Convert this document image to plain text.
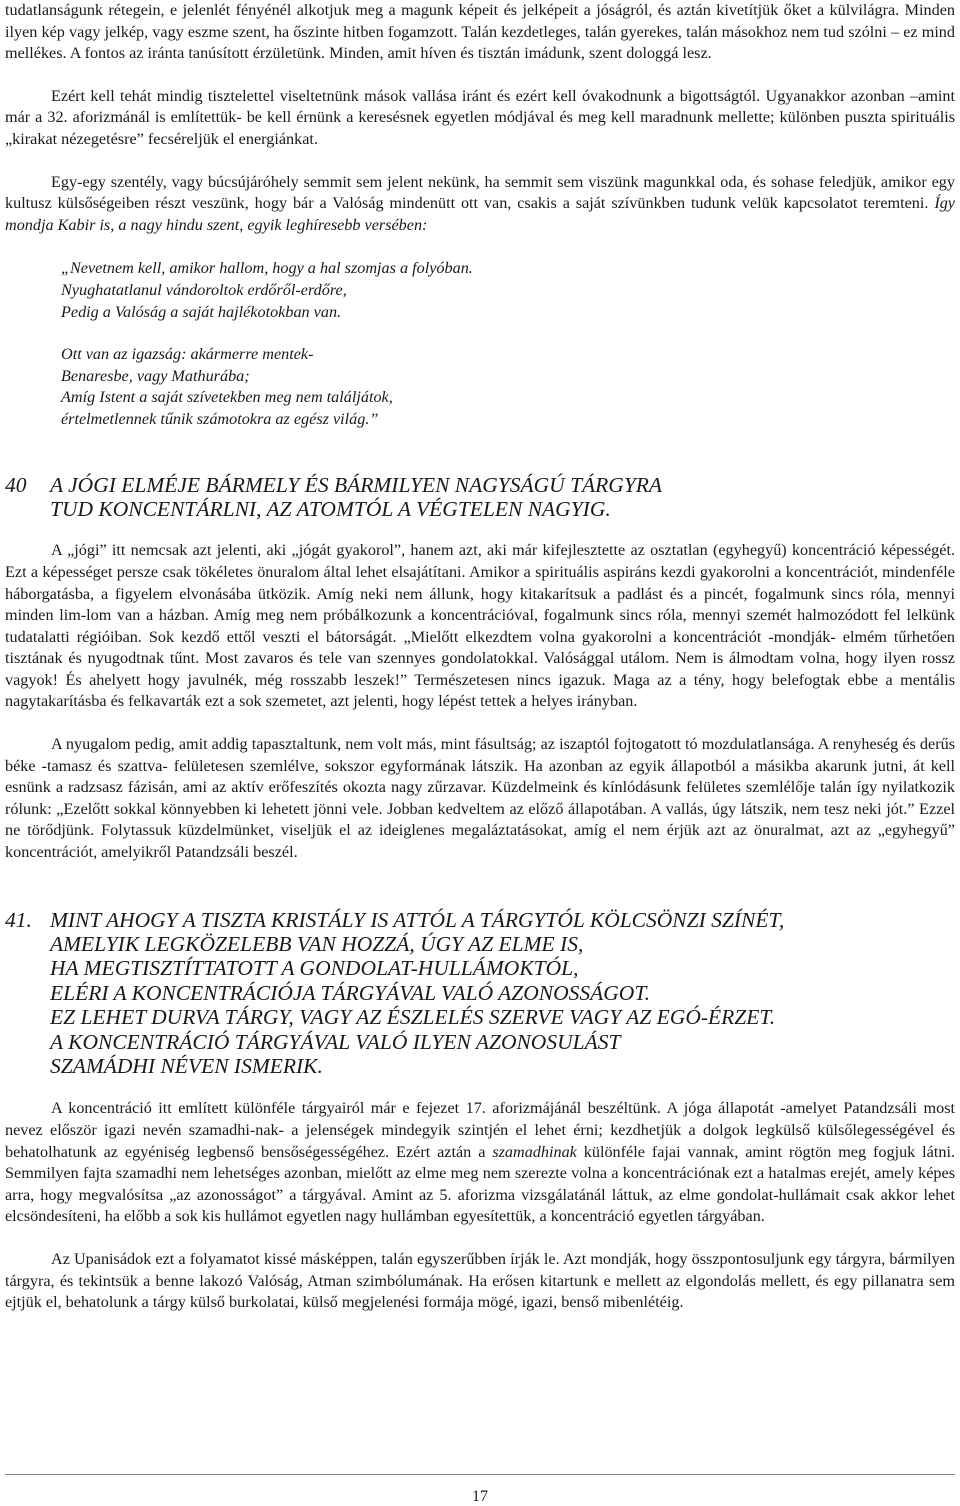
tudatlanságunk rétegein, e jelenlét fényénél alkotjuk meg a magunk képeit és jelképeit a jóságról, és aztán kivetítjük őket a külvilágra. Minden ilyen kép vagy jelkép, vagy eszme szent, ha őszinte hitben fogamzott. Talán kezdetleges, talán gyerekes, talán másokhoz nem tud szólni – ez mind mellékes. A fontos az iránta tanúsított érzületünk. Minden, amit híven és tisztán imádunk, szent dologgá lesz.

Ezért kell tehát mindig tisztelettel viseltetnünk mások vallása iránt és ezért kell óvakodnunk a bigottságtól. Ugyanakkor azonban –amint már a 32. aforizmánál is említettük- be kell érnünk a keresésnek egyetlen módjával és meg kell maradnunk mellette; különben puszta spirituális „kirakat nézegetésre” fecséreljük el energiánkat.

Egy-egy szentély, vagy búcsújáróhely semmit sem jelent nekünk, ha semmit sem viszünk magunkkal oda, és sohase feledjük, amikor egy kultusz külsőségeiben részt veszünk, hogy bár a Valóság mindenütt ott van, csakis a saját szívünkben tudunk velük kapcsolatot teremteni. Így mondja Kabir is, a nagy hindu szent, egyik leghíresebb versében:

„Nevetnem kell, amikor hallom, hogy a hal szomjas a folyóban.
Nyughatatlanul vándoroltok erdőről-erdőre,
Pedig a Valóság a saját hajlékotokban van.
Ott van az igazság: akármerre mentek-
Benaresbe, vagy Mathurába;
Amíg Istent a saját szívetekben meg nem találjátok,
értelmetlennek tűnik számotokra az egész világ.”
40	A JÓGI ELMÉJE BÁRMELY ÉS BÁRMILYEN NAGYSÁGÚ TÁRGYRA
TUD KONCENTÁRLNI, AZ ATOMTÓL A VÉGTELEN NAGYIG.

A „jógi” itt nemcsak azt jelenti, aki „jógát gyakorol”, hanem azt, aki már kifejlesztette az osztatlan (egyhegyű) koncentráció képességét. Ezt a képességet persze csak tökéletes önuralom által lehet elsajátítani. Amikor a spirituális aspiráns kezdi gyakorolni a koncentrációt, mindenféle háborgatásba, a figyelem elvonásába ütközik. Amíg neki nem állunk, hogy kitakarítsuk a padlást és a pincét, fogalmunk sincs róla, mennyi minden lim-lom van a házban. Amíg meg nem próbálkozunk a koncentrációval, fogalmunk sincs róla, mennyi szemét halmozódott fel lelkünk tudatalatti régióiban. Sok kezdő ettől veszti el bátorságát. „Mielőtt elkezdtem volna gyakorolni a koncentrációt -mondják- elmém tűrhetően tisztának és nyugodtnak tűnt. Most zavaros és tele van szennyes gondolatokkal. Valósággal utálom. Nem is álmodtam volna, hogy ilyen rossz vagyok! És ahelyett hogy javulnék, még rosszabb leszek!” Természetesen nincs igazuk. Maga az a tény, hogy belefogtak ebbe a mentális nagytakarításba és felkavarták ezt a sok szemetet, azt jelenti, hogy lépést tettek a helyes irányban.

A nyugalom pedig, amit addig tapasztaltunk, nem volt más, mint fásultság; az iszaptól fojtogatott tó mozdulatlansága. A renyheség és derűs béke -tamasz és szattva- felületesen szemlélve, sokszor egyformának látszik. Ha azonban az egyik állapotból a másikba akarunk jutni, át kell esnünk a radzsasz fázisán, ami az aktív erőfeszítés okozta nagy zűrzavar. Küzdelmeink és kínlódásunk felületes szemlélője talán így nyilatkozik rólunk: „Ezelőtt sokkal könnyebben ki lehetett jönni vele. Jobban kedveltem az előző állapotában. A vallás, úgy látszik, nem tesz neki jót.” Ezzel ne törődjünk. Folytassuk küzdelmünket, viseljük el az ideiglenes megaláztatásokat, amíg el nem érjük azt az önuralmat, azt az „egyhegyű” koncentrációt, amelyikről Patandzsáli beszél.

41. MINT AHOGY A TISZTA KRISTÁLY IS ATTÓL A TÁRGYTÓL KÖLCSÖNZI SZÍNÉT,
AMELYIK LEGKÖZELEBB VAN HOZZÁ, ÚGY AZ ELME IS,
HA MEGTISZTÍTTATOTT A GONDOLAT-HULLÁMOKTÓL,
ELÉRI A KONCENTRÁCIÓJA TÁRGYÁVAL VALÓ AZONOSSÁGOT.
EZ LEHET DURVA TÁRGY, VAGY AZ ÉSZLELÉS SZERVE VAGY AZ EGÓ-ÉRZET.
A KONCENTRÁCIÓ TÁRGYÁVAL VALÓ ILYEN AZONOSULÁST
SZAMÁDHI NÉVEN ISMERIK.

A koncentráció itt említett különféle tárgyairól már e fejezet 17. aforizmájánál beszéltünk. A jóga állapotát -amelyet Patandzsáli most nevez először igazi nevén szamadhi-nak- a jelenségek mindegyik szintjén el lehet érni; kezdhetjük a dolgok legkülső külsőlegességével és behatolhatunk az egyéniség legbenső bensőségességéhez. Ezért aztán a szamadhinak különféle fajai vannak, amint rögtön meg fogjuk látni. Semmilyen fajta szamadhi nem lehetséges azonban, mielőtt az elme meg nem szerezte volna a koncentrációnak ezt a hatalmas erejét, amely képes arra, hogy megvalósítsa „az azonosságot” a tárgyával. Amint az 5. aforizma vizsgálatánál láttuk, az elme gondolat-hullámait csak akkor lehet elcsöndesíteni, ha előbb a sok kis hullámot egyetlen nagy hullámban egyesítettük, a koncentráció egyetlen tárgyában.

Az Upanisádok ezt a folyamatot kissé másképpen, talán egyszerűbben írják le. Azt mondják, hogy összpontosuljunk egy tárgyra, bármilyen tárgyra, és tekintsük a benne lakozó Valóság, Atman szimbólumának. Ha erősen kitartunk e mellett az elgondolás mellett, és egy pillanatra sem ejtjük el, behatolunk a tárgy külső burkolatai, külső megjelenési formája mögé, igazi, benső mibenlétéig.

17
